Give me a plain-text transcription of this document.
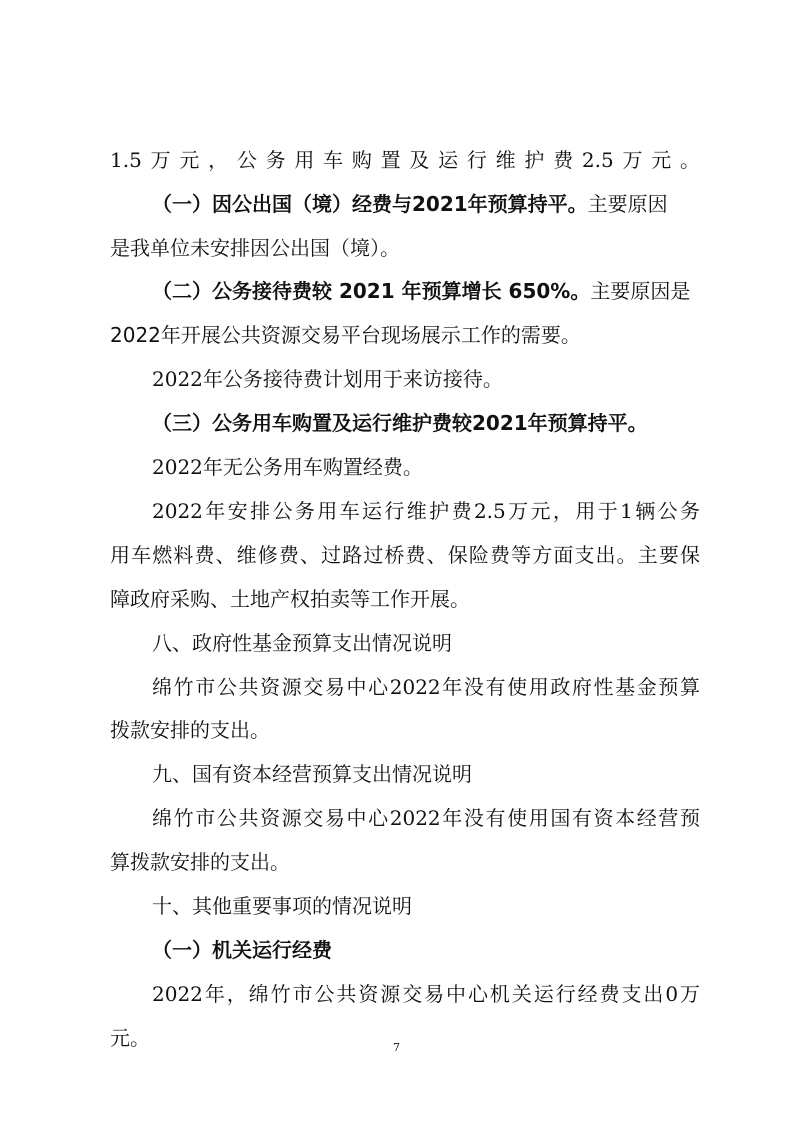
1.5万元，公务用车购置及运行维护费2.5万元。
（一）因公出国（境）经费与2021年预算持平。主要原因
是我单位未安排因公出国（境）。
（二）公务接待费较 2021 年预算增长 650%。主要原因是
2022年开展公共资源交易平台现场展示工作的需要。
2022年公务接待费计划用于来访接待。
（三）公务用车购置及运行维护费较2021年预算持平。
2022年无公务用车购置经费。
2022年安排公务用车运行维护费2.5万元，用于1辆公务
用车燃料费、维修费、过路过桥费、保险费等方面支出。主要保
障政府采购、土地产权拍卖等工作开展。
八、政府性基金预算支出情况说明
绵竹市公共资源交易中心2022年没有使用政府性基金预算
拨款安排的支出。
九、国有资本经营预算支出情况说明
绵竹市公共资源交易中心2022年没有使用国有资本经营预
算拨款安排的支出。
十、其他重要事项的情况说明
（一）机关运行经费
2022年，绵竹市公共资源交易中心机关运行经费支出0万
元。	7
